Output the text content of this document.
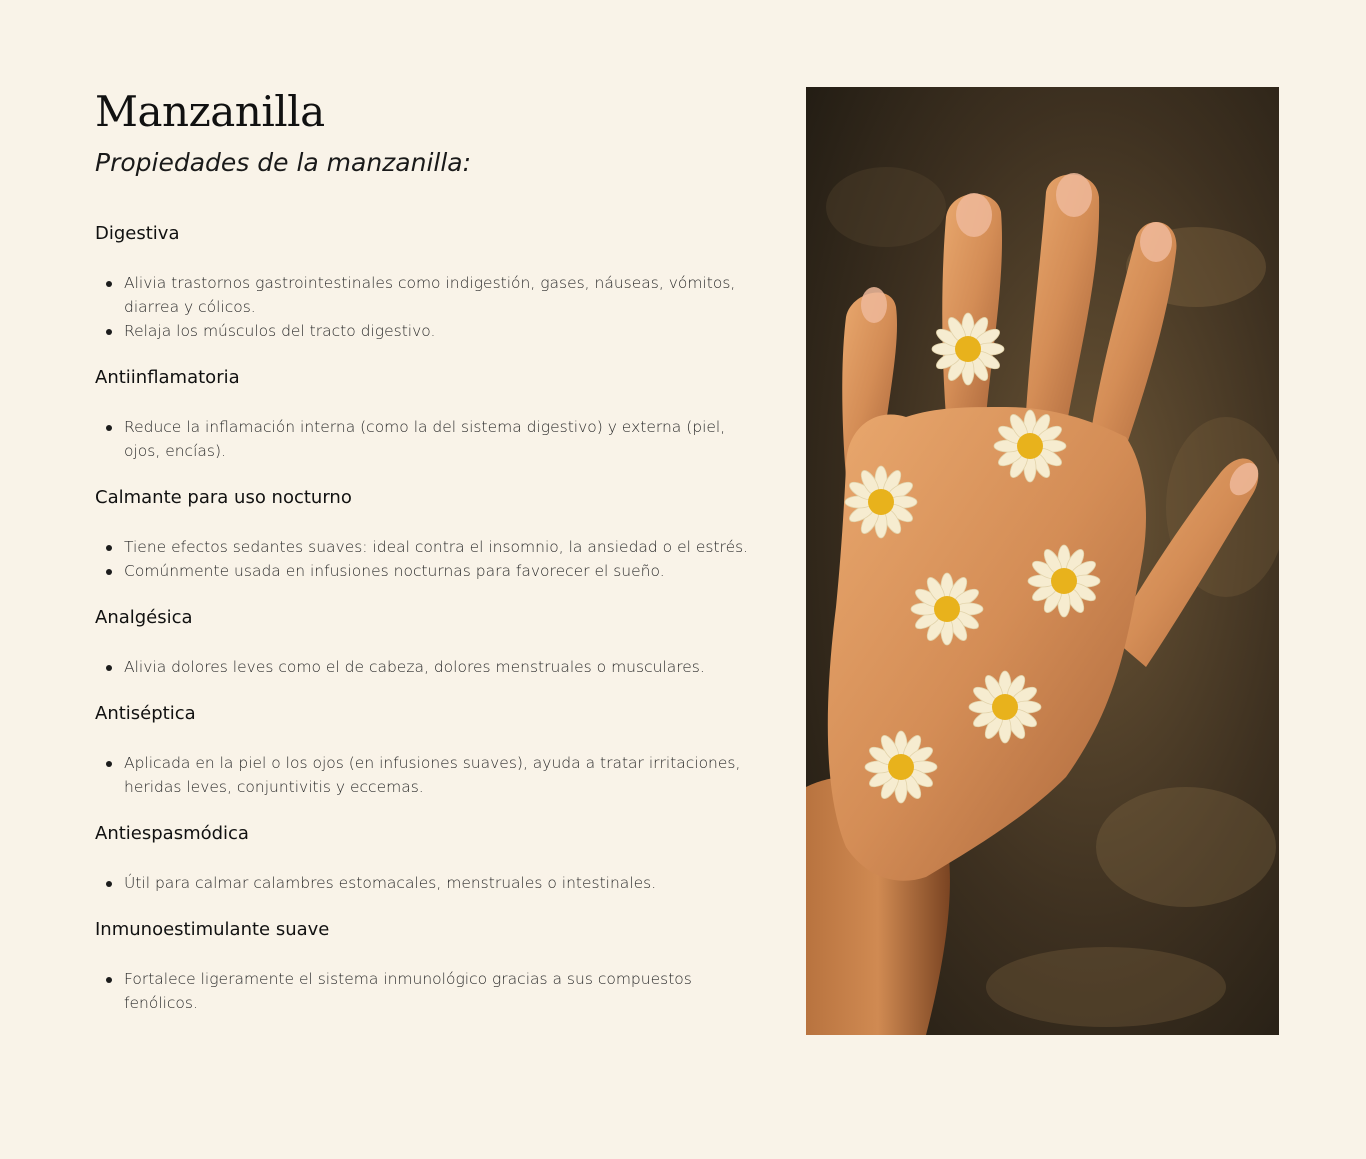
Manzanilla
Propiedades de la manzanilla:
Digestiva
Alivia trastornos gastrointestinales como indigestión, gases, náuseas, vómitos, diarrea y cólicos.
Relaja los músculos del tracto digestivo.
Antiinflamatoria
Reduce la inflamación interna (como la del sistema digestivo) y externa (piel, ojos, encías).
Calmante para uso nocturno
Tiene efectos sedantes suaves: ideal contra el insomnio, la ansiedad o el estrés.
Comúnmente usada en infusiones nocturnas para favorecer el sueño.
Analgésica
Alivia dolores leves como el de cabeza, dolores menstruales o musculares.
Antiséptica
Aplicada en la piel o los ojos (en infusiones suaves), ayuda a tratar irritaciones, heridas leves, conjuntivitis y eccemas.
Antiespasmódica
Útil para calmar calambres estomacales, menstruales o intestinales.
Inmunoestimulante suave
Fortalece ligeramente el sistema inmunológico gracias a sus compuestos fenólicos.
